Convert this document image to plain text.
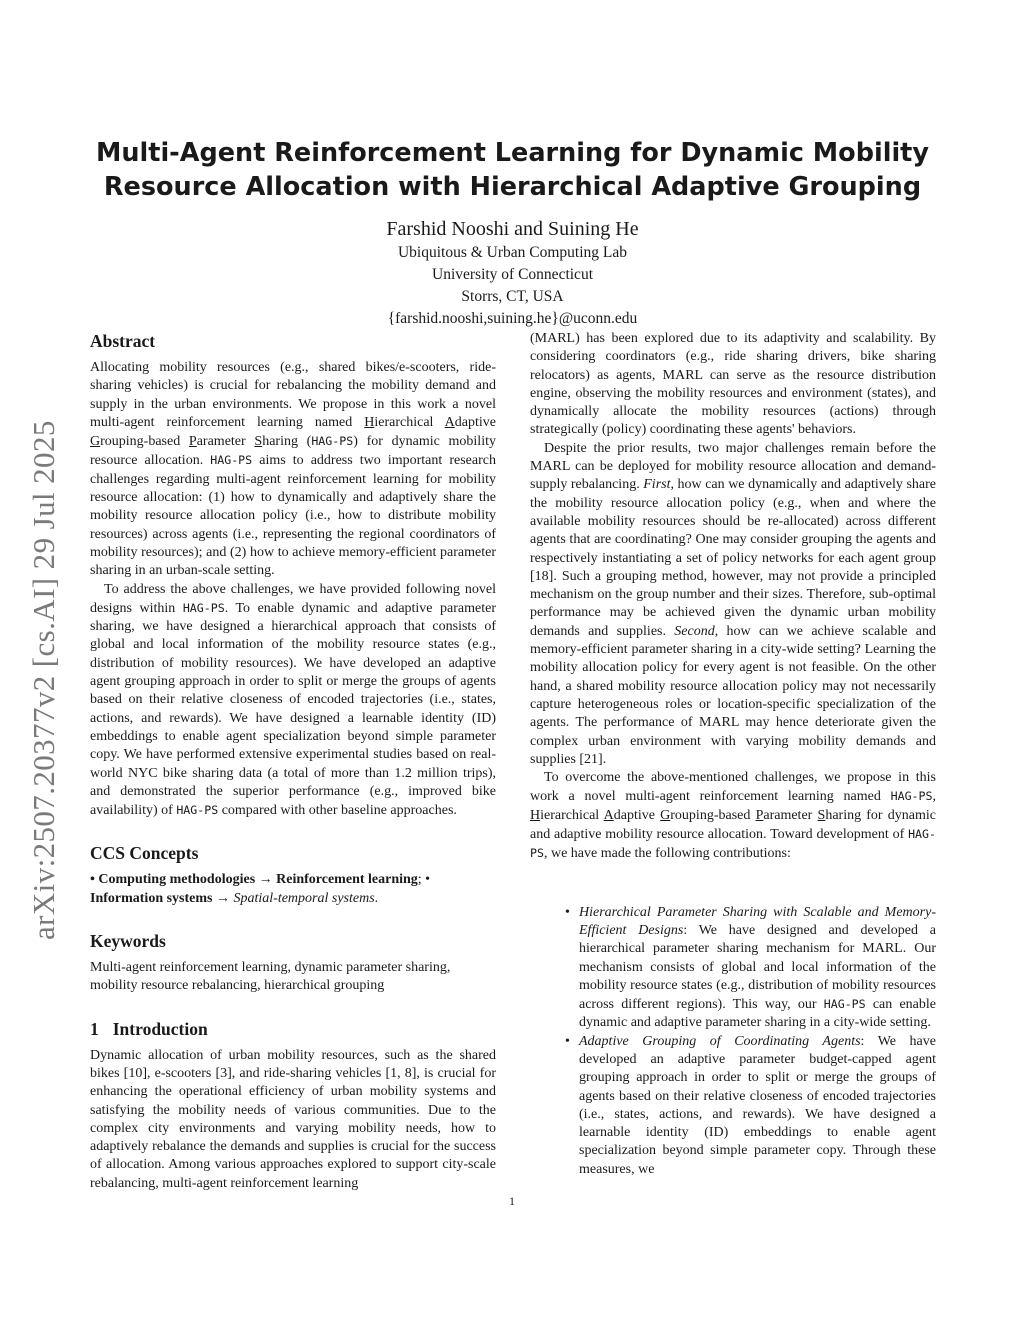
arXiv:2507.20377v2 [cs.AI] 29 Jul 2025
Multi-Agent Reinforcement Learning for Dynamic Mobility
Resource Allocation with Hierarchical Adaptive Grouping
Farshid Nooshi and Suining He
Ubiquitous & Urban Computing Lab
University of Connecticut
Storrs, CT, USA
{farshid.nooshi,suining.he}@uconn.edu
Abstract

Allocating mobility resources (e.g., shared bikes/e-scooters, ride-sharing vehicles) is crucial for rebalancing the mobility demand and supply in the urban environments. We propose in this work a novel multi-agent reinforcement learning named Hierarchical Adaptive Grouping-based Parameter Sharing (HAG-PS) for dynamic mobility resource allocation. HAG-PS aims to address two important research challenges regarding multi-agent reinforcement learning for mobility resource allocation: (1) how to dynamically and adaptively share the mobility resource allocation policy (i.e., how to distribute mobility resources) across agents (i.e., representing the regional coordinators of mobility resources); and (2) how to achieve memory-efficient parameter sharing in an urban-scale setting.

To address the above challenges, we have provided following novel designs within HAG-PS. To enable dynamic and adaptive parameter sharing, we have designed a hierarchical approach that consists of global and local information of the mobility resource states (e.g., distribution of mobility resources). We have developed an adaptive agent grouping approach in order to split or merge the groups of agents based on their relative closeness of encoded trajectories (i.e., states, actions, and rewards). We have designed a learnable identity (ID) embeddings to enable agent specialization beyond simple parameter copy. We have performed extensive experimental studies based on real-world NYC bike sharing data (a total of more than 1.2 million trips), and demonstrated the superior performance (e.g., improved bike availability) of HAG-PS compared with other baseline approaches.

CCS Concepts

• Computing methodologies → Reinforcement learning; • Information systems → Spatial-temporal systems.

Keywords

Multi-agent reinforcement learning, dynamic parameter sharing, mobility resource rebalancing, hierarchical grouping

1 Introduction

Dynamic allocation of urban mobility resources, such as the shared bikes [10], e-scooters [3], and ride-sharing vehicles [1, 8], is crucial for enhancing the operational efficiency of urban mobility systems and satisfying the mobility needs of various communities. Due to the complex city environments and varying mobility needs, how to adaptively rebalance the demands and supplies is crucial for the success of allocation. Among various approaches explored to support city-scale rebalancing, multi-agent reinforcement learning

(MARL) has been explored due to its adaptivity and scalability. By considering coordinators (e.g., ride sharing drivers, bike sharing relocators) as agents, MARL can serve as the resource distribution engine, observing the mobility resources and environment (states), and dynamically allocate the mobility resources (actions) through strategically (policy) coordinating these agents' behaviors.

Despite the prior results, two major challenges remain before the MARL can be deployed for mobility resource allocation and demand-supply rebalancing. First, how can we dynamically and adaptively share the mobility resource allocation policy (e.g., when and where the available mobility resources should be re-allocated) across different agents that are coordinating? One may consider grouping the agents and respectively instantiating a set of policy networks for each agent group [18]. Such a grouping method, however, may not provide a principled mechanism on the group number and their sizes. Therefore, sub-optimal performance may be achieved given the dynamic urban mobility demands and supplies. Second, how can we achieve scalable and memory-efficient parameter sharing in a city-wide setting? Learning the mobility allocation policy for every agent is not feasible. On the other hand, a shared mobility resource allocation policy may not necessarily capture heterogeneous roles or location-specific specialization of the agents. The performance of MARL may hence deteriorate given the complex urban environment with varying mobility demands and supplies [21].

To overcome the above-mentioned challenges, we propose in this work a novel multi-agent reinforcement learning named HAG-PS, Hierarchical Adaptive Grouping-based Parameter Sharing for dynamic and adaptive mobility resource allocation. Toward development of HAG-PS, we have made the following contributions:

• Hierarchical Parameter Sharing with Scalable and Memory-Efficient Designs: We have designed and developed a hierarchical parameter sharing mechanism for MARL. Our mechanism consists of global and local information of the mobility resource states (e.g., distribution of mobility resources across different regions). This way, our HAG-PS can enable dynamic and adaptive parameter sharing in a city-wide setting.
• Adaptive Grouping of Coordinating Agents: We have developed an adaptive parameter budget-capped agent grouping approach in order to split or merge the groups of agents based on their relative closeness of encoded trajectories (i.e., states, actions, and rewards). We have designed a learnable identity (ID) embeddings to enable agent specialization beyond simple parameter copy. Through these measures, we
1
